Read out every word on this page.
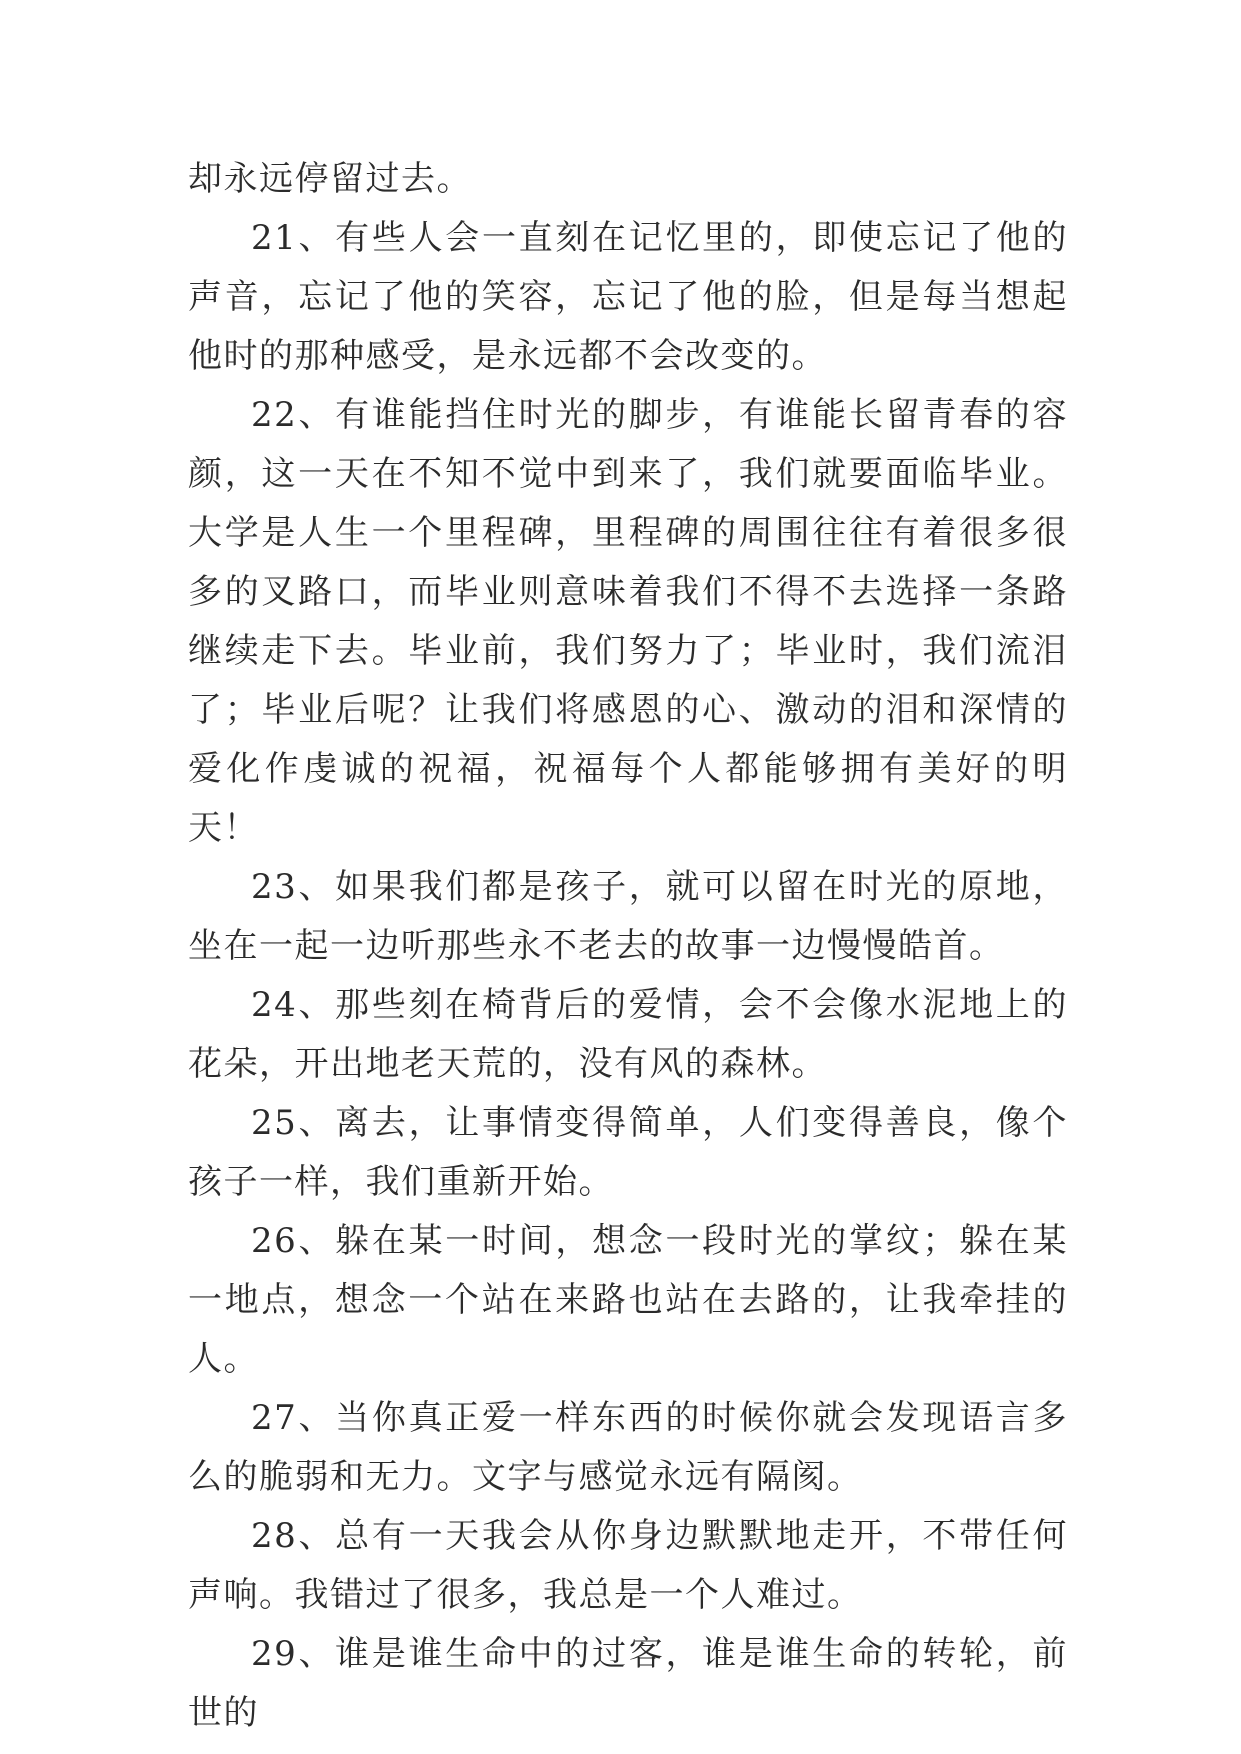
却永远停留过去。

21、有些人会一直刻在记忆里的，即使忘记了他的声音，忘记了他的笑容，忘记了他的脸，但是每当想起他时的那种感受，是永远都不会改变的。

22、有谁能挡住时光的脚步，有谁能长留青春的容颜，这一天在不知不觉中到来了，我们就要面临毕业。大学是人生一个里程碑，里程碑的周围往往有着很多很多的叉路口，而毕业则意味着我们不得不去选择一条路继续走下去。毕业前，我们努力了；毕业时，我们流泪了；毕业后呢？让我们将感恩的心、激动的泪和深情的爱化作虔诚的祝福，祝福每个人都能够拥有美好的明天！

23、如果我们都是孩子，就可以留在时光的原地，坐在一起一边听那些永不老去的故事一边慢慢皓首。

24、那些刻在椅背后的爱情，会不会像水泥地上的花朵，开出地老天荒的，没有风的森林。

25、离去，让事情变得简单，人们变得善良，像个孩子一样，我们重新开始。

26、躲在某一时间，想念一段时光的掌纹；躲在某一地点，想念一个站在来路也站在去路的，让我牵挂的人。

27、当你真正爱一样东西的时候你就会发现语言多么的脆弱和无力。文字与感觉永远有隔阂。

28、总有一天我会从你身边默默地走开，不带任何声响。我错过了很多，我总是一个人难过。

29、谁是谁生命中的过客，谁是谁生命的转轮，前世的
